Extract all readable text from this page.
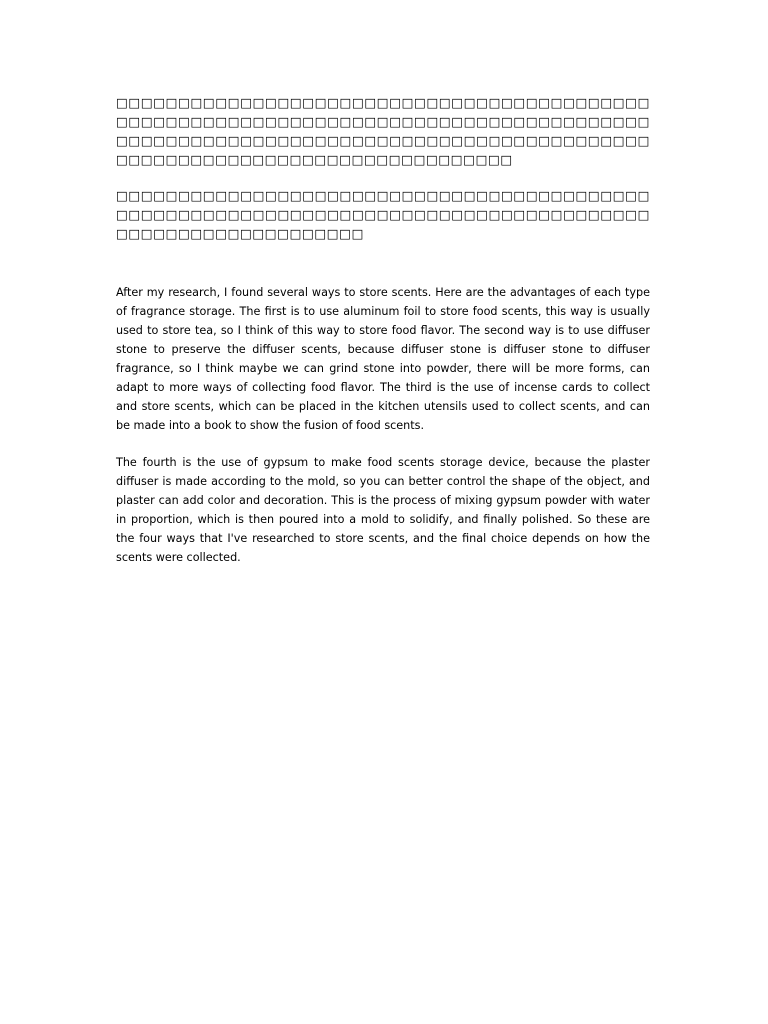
□□□□□□□□□□□□□□□□□□□□□□□□□□□□□□□□□□□□□□□□□□□□□□□□□□□□□□□□□□□□□□□□□□□□□□□□□□□□□□□□□□□□□□□□□□□□□□□□□□□□□□□□□□□□□□□□□□□□□□□□□□□□□□□□□□□□□□□□□□□□□□□□□□□□□□□□□□□□□□□□□

□□□□□□□□□□□□□□□□□□□□□□□□□□□□□□□□□□□□□□□□□□□□□□□□□□□□□□□□□□□□□□□□□□□□□□□□□□□□□□□□□□□□□□□□□□□□□□□□□□□□□□□□□□

After my research, I found several ways to store scents. Here are the advantages of each type of fragrance storage. The first is to use aluminum foil to store food scents, this way is usually used to store tea, so I think of this way to store food flavor. The second way is to use diffuser stone to preserve the diffuser scents, because diffuser stone is diffuser stone to diffuser fragrance, so I think maybe we can grind stone into powder, there will be more forms, can adapt to more ways of collecting food flavor. The third is the use of incense cards to collect and store scents, which can be placed in the kitchen utensils used to collect scents, and can be made into a book to show the fusion of food scents.

The fourth is the use of gypsum to make food scents storage device, because the plaster diffuser is made according to the mold, so you can better control the shape of the object, and plaster can add color and decoration. This is the process of mixing gypsum powder with water in proportion, which is then poured into a mold to solidify, and finally polished. So these are the four ways that I've researched to store scents, and the final choice depends on how the scents were collected.
